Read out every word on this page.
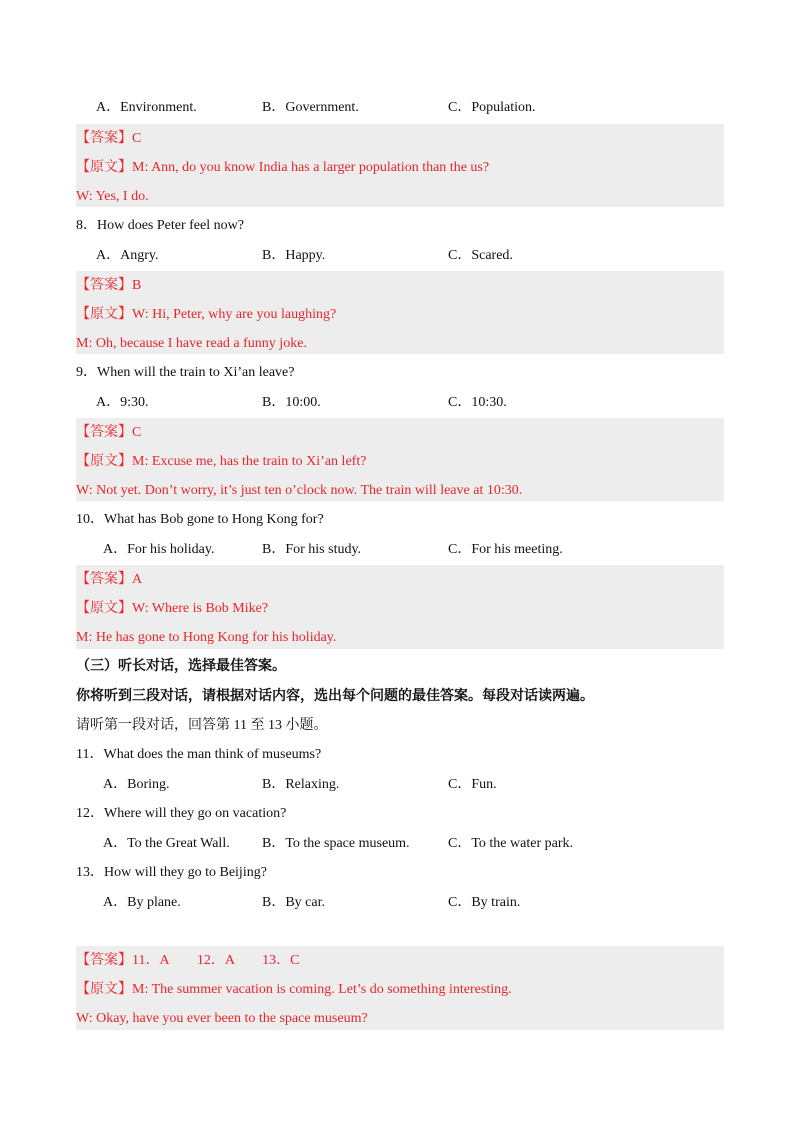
A．Environment.	B．Government.	C．Population.
【答案】C
【原文】M: Ann, do you know India has a larger population than the us?
W: Yes, I do.
8．How does Peter feel now?
A．Angry.	B．Happy.	C．Scared.
【答案】B
【原文】W: Hi, Peter, why are you laughing?
M: Oh, because I have read a funny joke.
9．When will the train to Xi’an leave?
A．9:30.	B．10:00.	C．10:30.
【答案】C
【原文】M: Excuse me, has the train to Xi’an left?
W: Not yet. Don’t worry, it’s just ten o’clock now. The train will leave at 10:30.
10．What has Bob gone to Hong Kong for?
A．For his holiday.	B．For his study.	C．For his meeting.
【答案】A
【原文】W: Where is Bob Mike?
M: He has gone to Hong Kong for his holiday.
（三）听长对话，选择最佳答案。
你将听到三段对话，请根据对话内容，选出每个问题的最佳答案。每段对话读两遍。
请听第一段对话，回答第 11 至 13 小题。
11．What does the man think of museums?
A．Boring.	B．Relaxing.	C．Fun.
12．Where will they go on vacation?
A．To the Great Wall. B．To the space museum.	C．To the water park.
13．How will they go to Beijing?
A．By plane.	B．By car.	C．By train.
【答案】11．A　　12．A　　13．C
【原文】M: The summer vacation is coming. Let’s do something interesting.
W: Okay, have you ever been to the space museum?
